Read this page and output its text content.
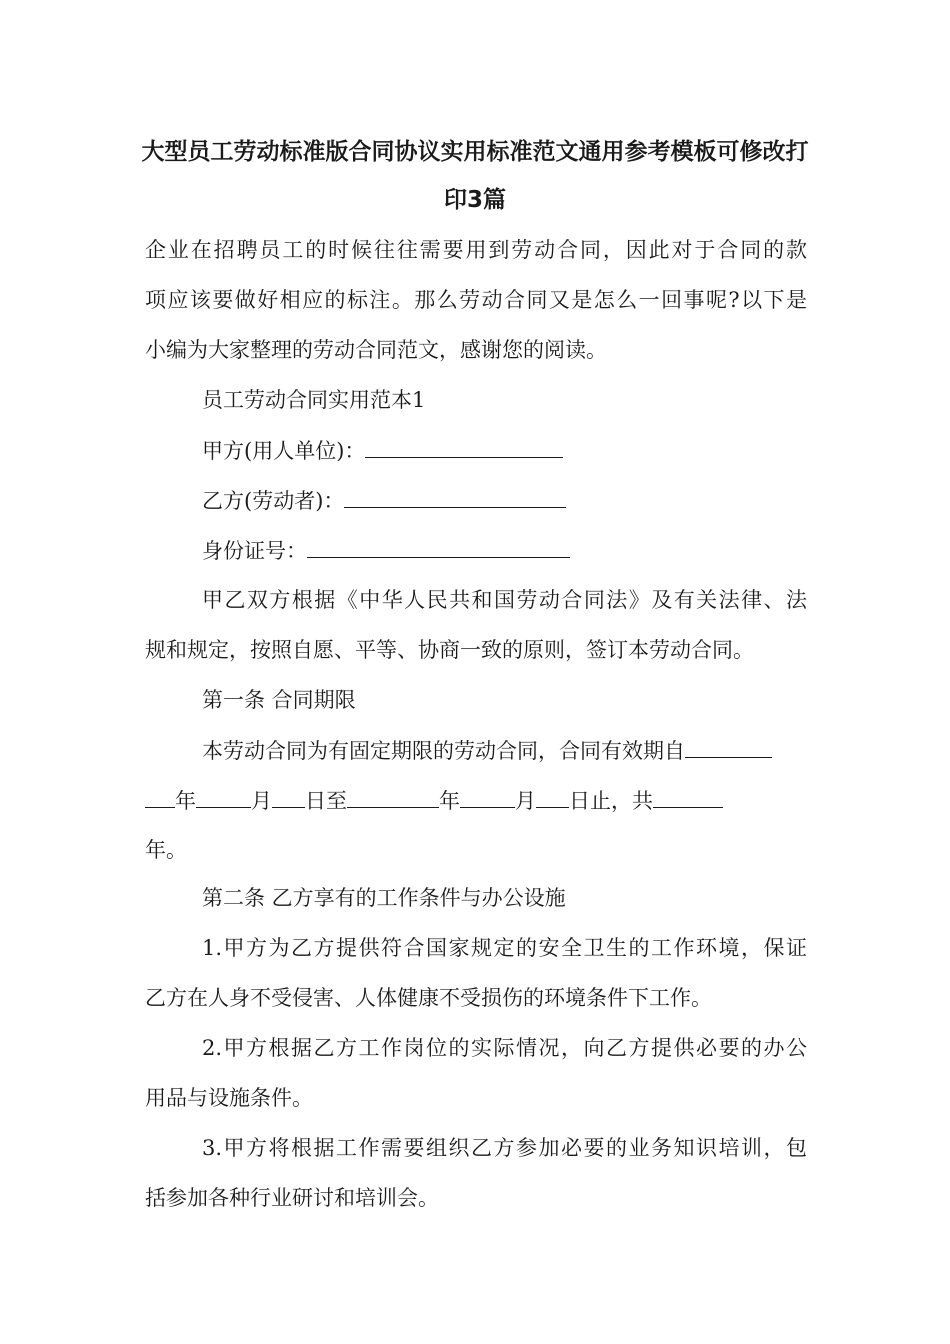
大型员工劳动标准版合同协议实用标准范文通用参考模板可修改打
印3篇
企业在招聘员工的时候往往需要用到劳动合同，因此对于合同的款
项应该要做好相应的标注。那么劳动合同又是怎么一回事呢?以下是
小编为大家整理的劳动合同范文，感谢您的阅读。
员工劳动合同实用范本1
甲方(用人单位)：
乙方(劳动者)：
身份证号：
甲乙双方根据《中华人民共和国劳动合同法》及有关法律、法
规和规定，按照自愿、平等、协商一致的原则，签订本劳动合同。
第一条 合同期限
本劳动合同为有固定期限的劳动合同，合同有效期自
年	月 日至	年	月 日止，共
年。
第二条 乙方享有的工作条件与办公设施
1.甲方为乙方提供符合国家规定的安全卫生的工作环境，保证
乙方在人身不受侵害、人体健康不受损伤的环境条件下工作。
2.甲方根据乙方工作岗位的实际情况，向乙方提供必要的办公
用品与设施条件。
3.甲方将根据工作需要组织乙方参加必要的业务知识培训，包
括参加各种行业研讨和培训会。
